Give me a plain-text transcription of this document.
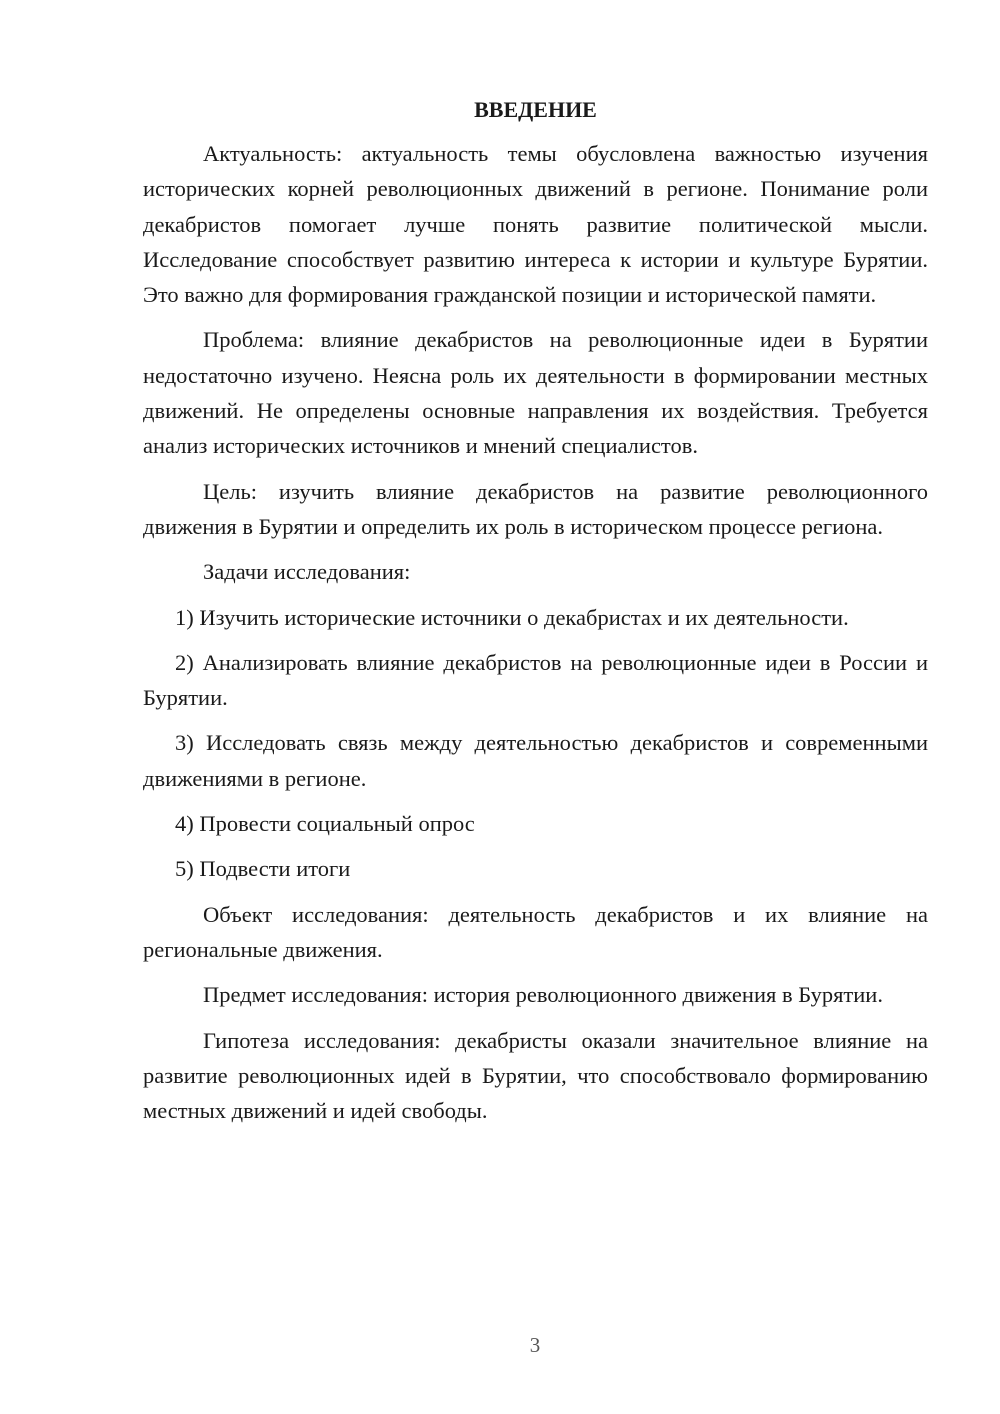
ВВЕДЕНИЕ
Актуальность: актуальность темы обусловлена важностью изучения исторических корней революционных движений в регионе. Понимание роли декабристов помогает лучше понять развитие политической мысли. Исследование способствует развитию интереса к истории и культуре Бурятии. Это важно для формирования гражданской позиции и исторической памяти.
Проблема: влияние декабристов на революционные идеи в Бурятии недостаточно изучено. Неясна роль их деятельности в формировании местных движений. Не определены основные направления их воздействия. Требуется анализ исторических источников и мнений специалистов.
Цель: изучить влияние декабристов на развитие революционного движения в Бурятии и определить их роль в историческом процессе региона.
Задачи исследования:
1) Изучить исторические источники о декабристах и их деятельности.
2) Анализировать влияние декабристов на революционные идеи в России и Бурятии.
3) Исследовать связь между деятельностью декабристов и современными движениями в регионе.
4) Провести социальный опрос
5) Подвести итоги
Объект исследования: деятельность декабристов и их влияние на региональные движения.
Предмет исследования: история революционного движения в Бурятии.
Гипотеза исследования: декабристы оказали значительное влияние на развитие революционных идей в Бурятии, что способствовало формированию местных движений и идей свободы.
3
